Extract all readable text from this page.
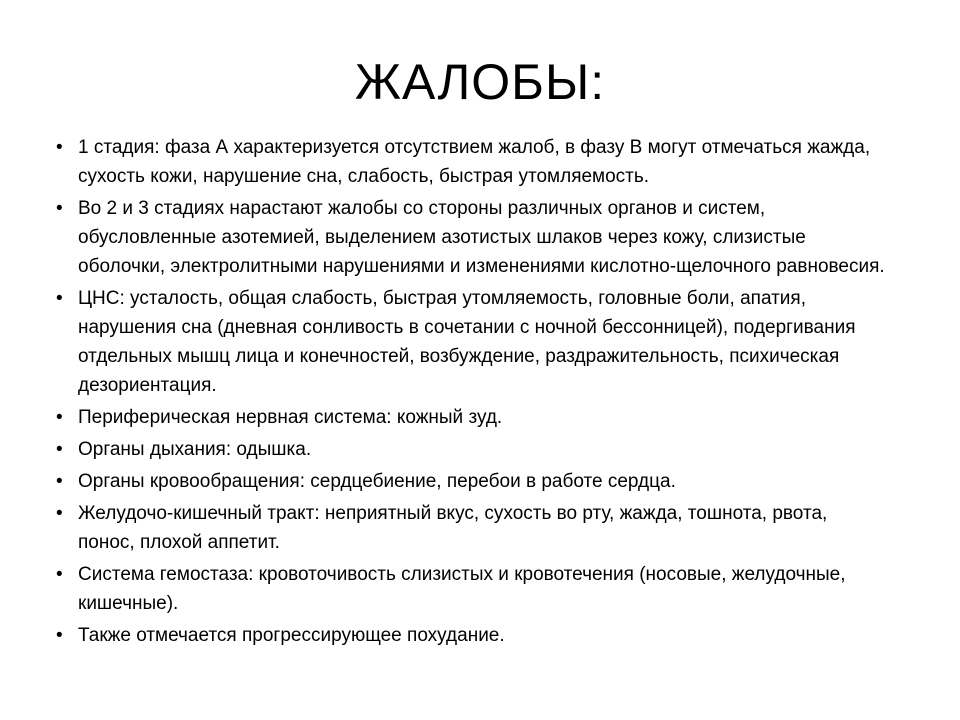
ЖАЛОБЫ:
• 1 стадия: фаза А характеризуется отсутствием жалоб, в фазу В могут отмечаться жажда, сухость кожи, нарушение сна, слабость, быстрая утомляемость.
• Во 2 и 3 стадиях нарастают жалобы со стороны различных органов и систем, обусловленные азотемией, выделением азотистых шлаков через кожу, слизистые оболочки, электролитными нарушениями и изменениями кислотно-щелочного равновесия.
• ЦНС: усталость, общая слабость, быстрая утомляемость, головные боли, апатия, нарушения сна (дневная сонливость в сочетании с ночной бессонницей), подергивания отдельных мышц лица и конечностей, возбуждение, раздражительность, психическая дезориентация.
• Периферическая нервная система: кожный зуд.
• Органы дыхания: одышка.
• Органы кровообращения: сердцебиение, перебои в работе сердца.
• Желудочо-кишечный тракт: неприятный вкус, сухость во рту, жажда, тошнота, рвота, понос, плохой аппетит.
• Система гемостаза: кровоточивость слизистых и кровотечения (носовые, желудочные, кишечные).
• Также отмечается прогрессирующее похудание.
